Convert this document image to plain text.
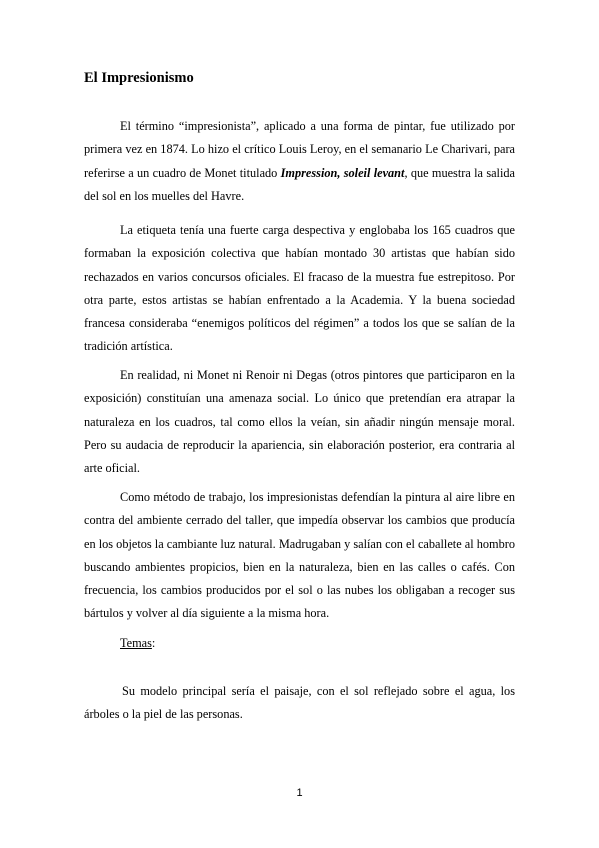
El Impresionismo

El término “impresionista”, aplicado a una forma de pintar, fue utilizado por primera vez en 1874. Lo hizo el crítico Louis Leroy, en el semanario Le Charivari, para referirse a un cuadro de Monet titulado Impression, soleil levant, que muestra la salida del sol en los muelles del Havre.

La etiqueta tenía una fuerte carga despectiva y englobaba los 165 cuadros que formaban la exposición colectiva que habían montado 30 artistas que habían sido rechazados en varios concursos oficiales. El fracaso de la muestra fue estrepitoso. Por otra parte, estos artistas se habían enfrentado a la Academia. Y la buena sociedad francesa consideraba “enemigos políticos del régimen” a todos los que se salían de la tradición artística.

En realidad, ni Monet ni Renoir ni Degas (otros pintores que participaron en la exposición) constituían una amenaza social. Lo único que pretendían era atrapar la naturaleza en los cuadros, tal como ellos la veían, sin añadir ningún mensaje moral. Pero su audacia de reproducir la apariencia, sin elaboración posterior, era contraria al arte oficial.

Como método de trabajo, los impresionistas defendían la pintura al aire libre en contra del ambiente cerrado del taller, que impedía observar los cambios que producía en los objetos la cambiante luz natural. Madrugaban y salían con el caballete al hombro buscando ambientes propicios, bien en la naturaleza, bien en las calles o cafés. Con frecuencia, los cambios producidos por el sol o las nubes los obligaban a recoger sus bártulos y volver al día siguiente a la misma hora.

Temas:

Su modelo principal sería el paisaje, con el sol reflejado sobre el agua, los árboles o la piel de las personas.

1
